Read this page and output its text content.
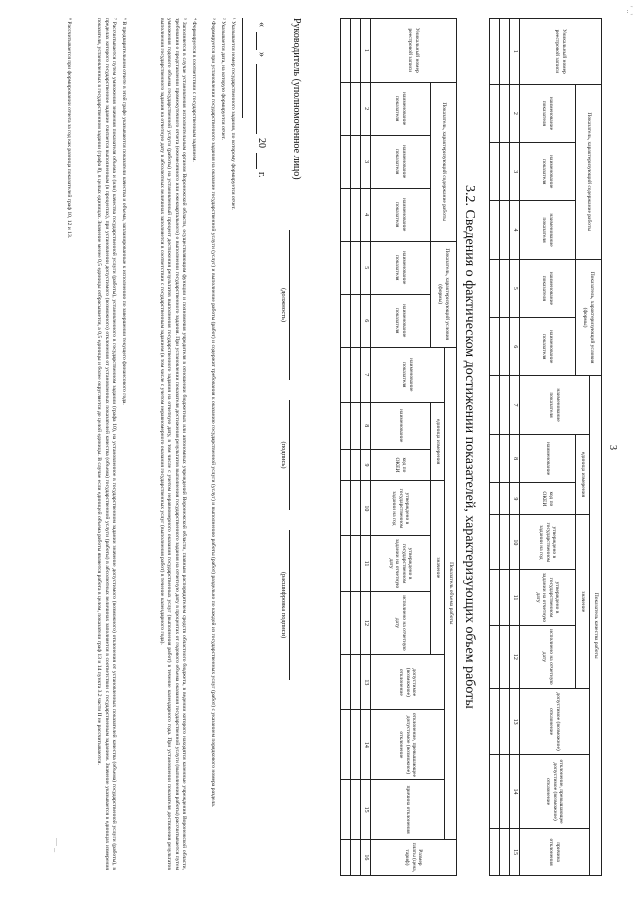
' ..'
— _
3
Уникальный номер реестровой записи	Показатель, характеризующий содержание работы			Показатель, характеризующий условия (формы)		Показатель качества работы								
						наименование показателя	единица измерения		значение			допустимое (возможное) отклонение	отклонение, превышающее допустимое (возможное) отклонение	причина отклонения
	наименование показателя	наименование показателя	наименование показателя	наименование показателя	наименование показателя		наименование	код по ОКЕИ	утверждено в государственном задании на год	утверждено в государственном задании на отчетную дату	исполнено на отчетную дату			
1	2	3	4	5	6	7	8	9	10	11	12	13	14	15

3.2. Сведения о фактическом достижении показателей, характеризующих объем работы
Уникальный номер реестровой записи	Показатель, характеризующий содержание работы			Показатель, характеризующий условия (формы)		Показатель объема работы									Размер платы (цена, тариф)
						наименование показателя	единица измерения		значение			допустимое (возможное) отклонение	отклонение, превышающее допустимое (возможное) отклонение	причина отклонения	
	наименование показателя	наименование показателя	наименование показателя	наименование показателя	наименование показателя		наименование	код по ОКЕИ	утверждено в государственном задании на год	утверждено в государственном задании на отчетную дату	исполнено на отчетную дату				
1	2	3	4	5	6	7	8	9	10	11	12	13	14	15	16

Руководитель (уполномоченное лицо)
(должность)
(подпись)
(расшифровка подписи)
«
»
20
г.
¹ Указывается номер государственного задания, по которому формируется отчет.
² Указывается дата, на которую формируется отчет.
³ Формируется при установлении государственного задания на оказание государственной услуги (услуг) и выполнение работы (работ) и содержит требования к оказанию государственной услуги (услуг) и выполнению работы (работ) раздельно по каждой из государственных услуг (работ) с указанием порядкового номера раздела.
⁴ Формируется в соответствии с государственным заданием.
⁵ Заполняется в случае установления исполнительным органом Воронежской области, осуществляющим функции и полномочия учредителя в отношении бюджетных или автономных учреждений Воронежской области, главным распорядителем средств областного бюджета, в ведении которого находятся казенные учреждения Воронежской области, требования о представлении промежуточного отчета (ежемесячного или ежеквартального) о выполнении государственного задания. При установлении показателя достижения результатов выполнения государственного задания на отчетную дату в процентах от годового объема оказания государственной услуги (выполнения работы) рассчитывается путем умножения годового объема государственной услуги (работы) на установленный процент достижения результатов выполнения государственного задания на отчетную дату, в том числе с учетом неравномерного оказания государственных услуг (выполнения работ) в течение календарного года. При установлении показателя достижения результатов выполнения государственного задания на отчетную дату в абсолютных величинах заполняется в соответствии с государственным заданием (в том числе с учетом неравномерного оказания государственных услуг (выполнения работ) в течение календарного года).
⁶ В предварительном отчете в этой графе указываются показатели качества и объема, запланированные к исполнению по завершении текущего финансового года.
⁷ Рассчитывается путем умножения значения показателя объема и (или) качества государственной услуги (работы), установленного в государственном задании (графа 10), на установленное в государственном задании значение допустимого (возможного) отклонения от установленных показателей качества (объема) государственной услуги (работы), в пределах которого государственное задание считается выполненным (в процентах), при установлении допустимого (возможного) отклонения от установленных показателей качества (объема) государственной услуги (работы) в абсолютных величинах заполняется в соответствии с государственным заданием. Значение указывается в единицах измерения показателя, установленных в государственном задании (графа 8), в целых единицах. Значение менее 0,5 единицы отбрасывается, а 0,5 единицы и более округляется до целой единицы. В случае если единицей объема работы является работа в целом, показатели граф 13 и 14 пункта 3.2 части II не рассчитываются.
⁸ Рассчитывается при формировании отчета за год как разница показателей граф 10, 12 и 13.
